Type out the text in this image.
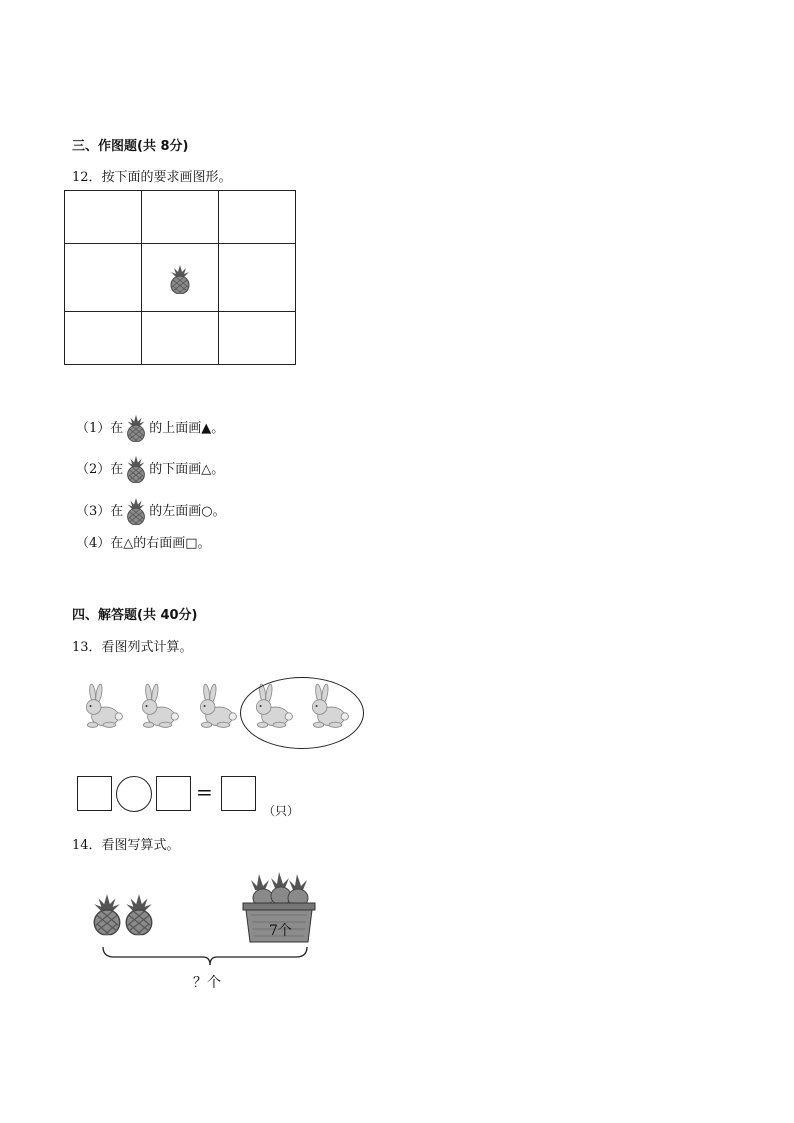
三、作图题(共 8分)
12．按下面的要求画图形。

（1）在 的上面画▲。
（2）在 的下面画△。
（3）在 的左面画○。
（4）在△的右面画□。
四、解答题(共 40分)
13．看图列式计算。
=
（只）
14．看图写算式。
7个
？个
